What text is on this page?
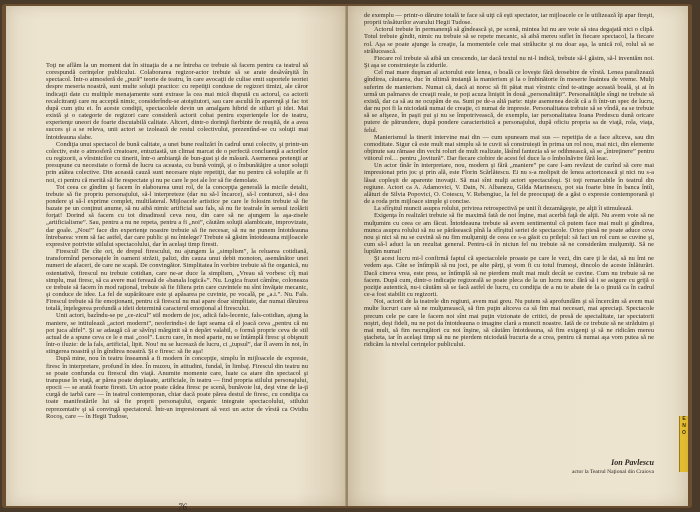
Toţi ne aflăm la un moment dat în situaţia de a ne întreba ce trebuie să facem pentru ca teatrul să corespundă cerinţelor publicului. Colaborarea regizor-actor trebuie să se arate desăvârşită în spectacol. Într-o atmosferă de „pură” teorie de teatru, în care avocaţii de culise emit suportele teoriei despre meseria noastră, sunt multe soluţii practice: cu repetiţii conduse de regizori timizi, ale căror indicaţii date cu multiple menajamente sunt extrase la cea mai mică dispută cu actorul, ca actorii recalcitranţi care nu acceptă nimic, considerîndu-se atotştiutori, sau care ascultă în aparenţă şi fac tot după cum ştiu ei. În aceste condiţii, spectacolele devin un amalgam hibrid de stiluri şi idei. Mai există şi o categorie de regizori care consideră actorii cobai pentru experienţele lor de teatru, experienţe uneori de foarte discutabilă calitate. Altceri, dintr-o dorinţă fierbinte de reuşită, de a avea succes şi a se releva, unii actori se izolează de restul colectivului, prezentînd-se cu soluţii mai întotdeauna slabe.

Condiţia unui spectacol de bună calitate, a unei bune realizări în cadrul unui colectiv, şi printr-un colectiv, este o atmosferă creatoare, entuziastă, un climat marcat de o perfectă concluenţă a actorilor cu regizorii, a vîrstnicilor cu tinerii, într-o ambianţă de bun-gust şi de măsură. Asemenea pretenţii ar presupune cu necesitate o formă de lucru ca aceasta, cu bună voinţă, şi o îmbunătăţire a unor soluţii prin atâtea colective. Din această cauză sunt necesare nişte repetiţii, dar nu pentru că soluţiile ar fi noi, ci pentru că merită să fie respectate şi nu pe care le pot ale lor să fie demolate.

Tot ceea ce gîndim şi facem în elaborarea unui rol, de la concepţia generală la micile detalii, trebuie să fie propriu personajului, să-l interpreteze (dar nu să-l încarce), să-l conturezi, să-i dea pondere şi să-l exprime complet, multilateral. Mijloacele artistice pe care le folosim trebuie să fie bazate pe un conţinut anume, să nu aibă nimic artificial sau fals, să nu fie teatrale în sensul izolării forţat! Dorind să facem cu tot dinadinsul ceva nou, din care să ne ajungem la aşa-zisele „artificialisme”. Sau, pentru a nu ne repeta, pentru a fi „noi”, căutăm soluţii alambicate, improvizate, dar goale. „Nou!” face din experienţe noastre trebuie să fie necesar, să nu ne punem întotdeauna întrebarea: vrem să fac astfel, dar care public şi nu întelege? Trebuie să găsim întotdeauna mijloacele expresive potrivite stilului spectacolului, dar în acelaşi timp firesti.

Firescul! De cîte ori, de drepul firescului, nu ajungem la „simplism”, la reluarea cotidiană, transformînd personajele în oameni străzii, palizi, din cauza unui debit monoton, asemănător unei numeri de afaceri, de care ne scapă. De convingător. Simplitatea în vorbire trebuie să fie organică, nu ostentativă, firescul nu trebuie cotidian, care ne-ar duce la simplism, „Vreau să vorbesc cîţ mai simplu, mai firesc, să ca avere mai ferează de «banala logică»”. Nu. Logica frazei câmîne, coloneaza ce trebuie să facem în mod raţional, trebuie să fie filiera prin care cuvintele nu sînt învăţate mecanic, şi conduce de idee. La fel de supărătoare este şi apăsarea pe cuvinte, pe vocală, pe „a.i.”. Nu. Fals. Firescul trebuie să fie emoţionant, pentru că firescul nu mai apare doar simplitate, dar numai dăruirea totală, înţelegerea profundă a ideii determină caracterul emoţional al firescului.

Unii actori, bazîndu-se pe „ce-zicul” stil modern de joc, adică fals-lecenic, fals-cotidian, ajung la maniere, se intitulează „actori moderni”, neoferindu-i de fapt seama că el joacă ceva „pentru că nu pot juca altfel”. Şi se adaugă că ar săvîrşi mărginit să n depărt valabil, o formă proprie ceva de stil actual de a spune ceva ce le e mai „cool”. Lucru care, în mod aparte, nu se întâmplă firesc şi obişnuit într-o iluzie: de la fals, artificial, lipit. Nou! nu se lucrează de lucru, ci „tupsul”, dar îl avem în noi, în stingerea noastră şi în gîndirea noastră. Şi e firesc: să fie aşa!

După mine, nou în teatru înseamnă a fi modern în concepţie, simplu în mijloacele de expresie, firesc în interpretare, profund în idee. În muzeu, în atitudini, fundal, în limbaj. Firescul din teatru nu se poate confunda cu firescul din viaţă. Anumite momente care, luate ca atare din spectacol şi transpuse în viaţă, ar părea poate deplasate, artificiale, în teatru — find propria stilului personajului, epocii — se arată foarte firesti. Un actor poate cădea firesc pe scenă, bunăvoie lui, deşi vine de la-ţi curgă de iarbă care — în teatrul contemporan, chiar dacă poate părea destul de firesc, cu condiţia ca toate manifestările lui să fie proprii personajului, organic integrate spectacolului, stilului reprezentativ şi să convingă spectatorul. Într-un impresionant să vezi un actor de vîrstă ca Ovidiu Rocoş, care — în Hegii Tudose,

76

de exemplu — printr-o dăruire totală te face să uiţi că eşti spectator, iar mijloacele ce le utilizează îţi apar fireşti, proprii trăsăturilor avarului Hegii Tudose.

Actorul trebuie în permanenţă să gîndească şi, pe scenă, mintea lui nu are voie să stea degajată nici o clipă. Totul trebuie gîndit, nimic nu trebuie să se repete mecanic, să aibă mereu suflet în fiecare spectacol, la fiecare rol. Aşa se poate ajunge la creaţie, la momentele cele mai strălucite şi nu doar aşa, la unică rol, rolul să se strălucească.

Fiecare rol trebuie să aibă un crescendo, iar dacă textul nu ni-l indică, trebuie să-l găsim, să-l inventăm noi. Şi aşa se construieşte la zidurile.

Cel mai mare duşman al actorului este lenea, o boală ce loveşte fără deosebire de vîrstă. Lenea paralizează gîndirea, căutarea, duc în ultimă instanţă la manierism şi la o îmbinătorie în meserie înaintea de vreme. Mulţi suferim de manierism. Numai că, dacă ai noroc să fii pătat mai vîrstnic cînd te-atinge această boală, şi ai în urmă un palmares de creaţii reale, te poţi acuza liniştit în două „personalităţi”. Personalităţile sîngi ne trebuie să există, dar ca să au ne ocupăm de ea. Sunt pe de-a altă parte: nişte asemenea decât că a fi într-un spec de lucru, dar nu pot fi la niciodată numai de creaţie, ci numai de impresie. Personalitatea trebuie să se vîndă, ea se trebuie să se afişeze, în paşii pui şi nu se împotrivească, de exemplu, iar personalitatea Ioana Predescu dună oricare putere de pătrundere, după pondere caracteristică a personajului, după oficiu propria sa de viaţă, rola, viaţa, felul.

Manierismul la tinerii intervine mai din — cum spuneam mai sus — repetiţia de a face altceva, sau din comoditate. Sigur că este mult mai simplu să te cuvii să construieşti în prima un rol nou, mai nici, din elemente obţinute sau rămase din vechi roluri de mult realizate, lăsînd fantezia să se odihnească, să se „întreţinere” pentru viitorul rol… pentru „lovitură”. Dar fiecare ciobire de acest fel duce la o îmbolnăvire fără leac.

Un actor tînăr în interpretare, nou, modern şi fără „maniere” pe care l-am revăzut de curînd să cere mai impresionat prin joc şi prin ală, este Florin Scărlătescu. Ei nu s-a molipsit de lenea actoricească şi nici nu s-a lăsat copleşit de aparente inovaţii. Să mai sînt mulţi actori spectaculoşi. Și toţi remarcabile în teatrul din regiune. Actori ca A. Adamovici, V. Dain, N. Albanezu, Gilda Marinescu, pot sta foarte bine în banca întîi, alături de Silvia Popovici, O. Cotescu, V. Rebengiuc, la fel de preocupaţi de a găsi o expresie contemporană şi de a roda prin mijloace simple şi concise.

La sfîrşitul muncii asupra rolului, privirea retrospectivă pe unii îi dezamăgeşte, pe alţii îi stimulează.

Exigenţa în realizări trebuie să fie maximă fată de noi înşine, mai acerbă faţă de alţii. Nu avem voie să ne mulţumim cu ceea ce am făcut. Întotdeauna trebuie să avem sentimentul că putem face mai mult şi gîndirea, munca asupra rolului să nu se părăsească pînă la sfîrşitul seriei de spectacole. Orice piesă ne poate aduce ceva nou şi nici să nu se cuvină să nu fim mulţumiţi de ceea ce s-a găsit cu prilejul: să faci un rol cum se cuvine şi, cum să-l aduci la un rezultat general. Pentru-că în niciun fel nu trebuie să ne considerăm mulţumiţi. Să ne luptăm numai!

Şi acest lucru mi-l confirmă faptul că spectacolele proaste pe care le vezi, din care ţi le dai, să nu îmi ne vedem aşa. Câte se întîmplă să nu joci, pe alte părţi, şi vom fi cu totul frumoşi, dincolo de aceste înlăturări. Dacă cineva vrea, este prea, se întîmplă să ne pierdem mult mai mult decât se cuvine. Cum nu trebuie să ne facem. După cum, dintr-o indicaţie regizorală se poate pleca de la un lucru nou: fără să i se asigure cu grijă o poziţie autentică, nu-i căutăm să se facă astfel de lucru, cu condiţia de a nu te abate de la o ţinută ca în cadrul ce-a fost stabilit cu regizorii.

Noi, actorii de la teatrele din regiuni, avem mai greu. Nu putem să aprofundăm şi să încercăm să avem mai multe lucruri care să ne mulţumească, să fim puţin altceva ca să fim mai necesari, mai apreciaţi. Spectacole precum cele pe care le facem noi sînt mai puţin vizionate de critici, de presă de specialitate, iar spectatorii noştri, deşi fideli, nu ne pot da întotdeauna o imagine clară a muncii noastre. Iată de ce trebuie să ne străduim şi mai mult, să fim necruţători cu noi înşine, să căutăm întotdeauna, să fim exigenţi şi să ne ridicăm mereu ştacheta, iar în acelaşi timp să nu ne pierdem niciodată bucuria de a crea, pentru că numai aşa vom putea să ne ridicăm la nivelul cerinţelor publicului.

Ion Pavlescu
actor la Teatrul Naţional din Craiova
E
N
O
